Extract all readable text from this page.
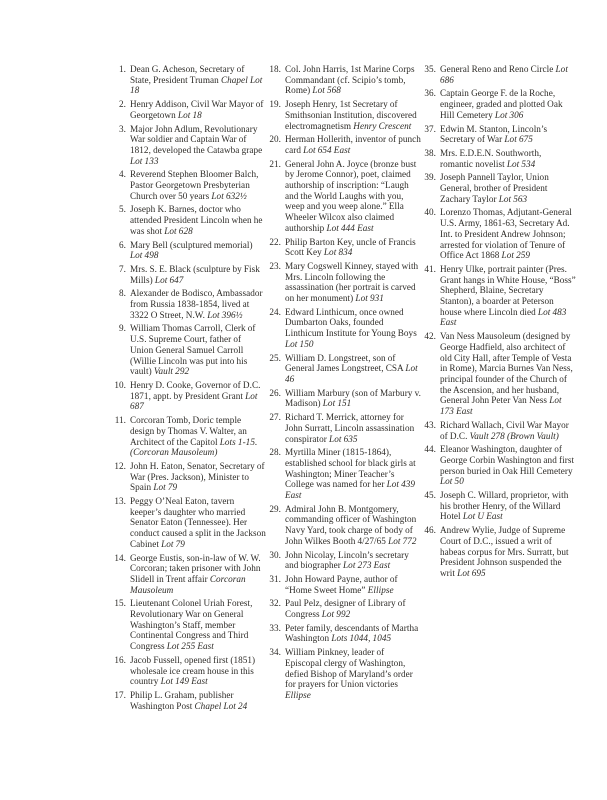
1. Dean G. Acheson, Secretary of State, President Truman Chapel Lot 18
2. Henry Addison, Civil War Mayor of Georgetown Lot 18
3. Major John Adlum, Revolutionary War soldier and Captain War of 1812, developed the Catawba grape Lot 133
4. Reverend Stephen Bloomer Balch, Pastor Georgetown Presbyterian Church over 50 years Lot 632½
5. Joseph K. Barnes, doctor who attended President Lincoln when he was shot Lot 628
6. Mary Bell (sculptured memorial) Lot 498
7. Mrs. S. E. Black (sculpture by Fisk Mills) Lot 647
8. Alexander de Bodisco, Ambassador from Russia 1838-1854, lived at 3322 O Street, N.W. Lot 396½
9. William Thomas Carroll, Clerk of U.S. Supreme Court, father of Union General Samuel Carroll (Willie Lincoln was put into his vault) Vault 292
10. Henry D. Cooke, Governor of D.C. 1871, appt. by President Grant Lot 687
11. Corcoran Tomb, Doric temple design by Thomas V. Walter, an Architect of the Capitol Lots 1-15. (Corcoran Mausoleum)
12. John H. Eaton, Senator, Secretary of War (Pres. Jackson), Minister to Spain Lot 79
13. Peggy O’Neal Eaton, tavern keeper’s daughter who married Senator Eaton (Tennessee). Her conduct caused a split in the Jackson Cabinet Lot 79
14. George Eustis, son-in-law of W. W. Corcoran; taken prisoner with John Slidell in Trent affair Corcoran Mausoleum
15. Lieutenant Colonel Uriah Forest, Revolutionary War on General Washington’s Staff, member Continental Congress and Third Congress Lot 255 East
16. Jacob Fussell, opened first (1851) wholesale ice cream house in this country Lot 149 East
17. Philip L. Graham, publisher Washington Post Chapel Lot 24
18. Col. John Harris, 1st Marine Corps Commandant (cf. Scipio’s tomb, Rome) Lot 568
19. Joseph Henry, 1st Secretary of Smithsonian Institution, discovered electromagnetism Henry Crescent
20. Herman Hollerith, inventor of punch card Lot 654 East
21. General John A. Joyce (bronze bust by Jerome Connor), poet, claimed authorship of inscription: “Laugh and the World Laughs with you, weep and you weep alone.” Ella Wheeler Wilcox also claimed authorship Lot 444 East
22. Philip Barton Key, uncle of Francis Scott Key Lot 834
23. Mary Cogswell Kinney, stayed with Mrs. Lincoln following the assassination (her portrait is carved on her monument) Lot 931
24. Edward Linthicum, once owned Dumbarton Oaks, founded Linthicum Institute for Young Boys Lot 150
25. William D. Longstreet, son of General James Longstreet, CSA Lot 46
26. William Marbury (son of Marbury v. Madison) Lot 151
27. Richard T. Merrick, attorney for John Surratt, Lincoln assassination conspirator Lot 635
28. Myrtilla Miner (1815-1864), established school for black girls at Washington; Miner Teacher’s College was named for her Lot 439 East
29. Admiral John B. Montgomery, commanding officer of Washington Navy Yard, took charge of body of John Wilkes Booth 4/27/65 Lot 772
30. John Nicolay, Lincoln’s secretary and biographer Lot 273 East
31. John Howard Payne, author of “Home Sweet Home” Ellipse
32. Paul Pelz, designer of Library of Congress Lot 992
33. Peter family, descendants of Martha Washington Lots 1044, 1045
34. William Pinkney, leader of Episcopal clergy of Washington, defied Bishop of Maryland’s order for prayers for Union victories Ellipse
35. General Reno and Reno Circle Lot 686
36. Captain George F. de la Roche, engineer, graded and plotted Oak Hill Cemetery Lot 306
37. Edwin M. Stanton, Lincoln’s Secretary of War Lot 675
38. Mrs. E.D.E.N. Southworth, romantic novelist Lot 534
39. Joseph Pannell Taylor, Union General, brother of President Zachary Taylor Lot 563
40. Lorenzo Thomas, Adjutant-General U.S. Army, 1861-63, Secretary Ad. Int. to President Andrew Johnson; arrested for violation of Tenure of Office Act 1868 Lot 259
41. Henry Ulke, portrait painter (Pres. Grant hangs in White House, “Boss” Shepherd, Blaine, Secretary Stanton), a boarder at Peterson house where Lincoln died Lot 483 East
42. Van Ness Mausoleum (designed by George Hadfield, also architect of old City Hall, after Temple of Vesta in Rome), Marcia Burnes Van Ness, principal founder of the Church of the Ascension, and her husband, General John Peter Van Ness Lot 173 East
43. Richard Wallach, Civil War Mayor of D.C. Vault 278 (Brown Vault)
44. Eleanor Washington, daughter of George Corbin Washington and first person buried in Oak Hill Cemetery Lot 50
45. Joseph C. Willard, proprietor, with his brother Henry, of the Willard Hotel Lot U East
46. Andrew Wylie, Judge of Supreme Court of D.C., issued a writ of habeas corpus for Mrs. Surratt, but President Johnson suspended the writ Lot 695
